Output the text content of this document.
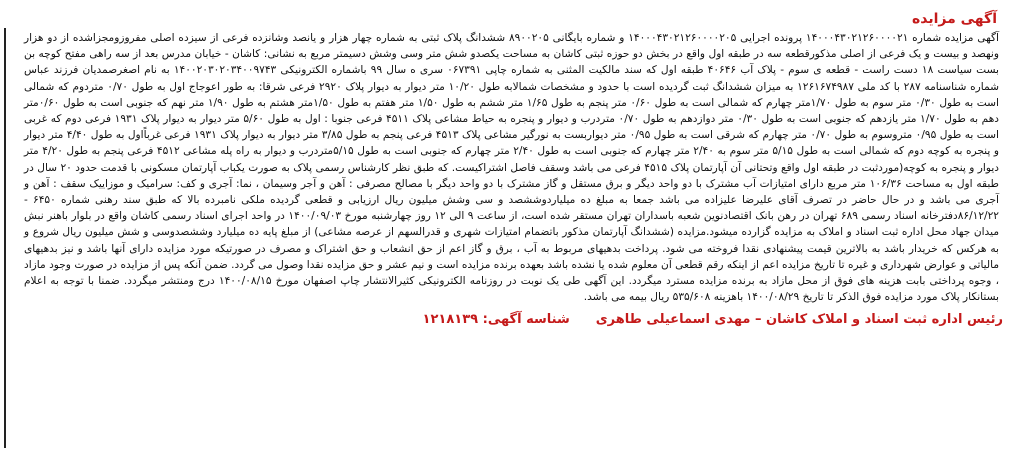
آگهی مزایده
آگهی مزایده شماره ۱۴۰۰۰۴۳۰۲۱۲۶۰۰۰۰۲۱ پرونده اجرایی ۱۴۰۰۰۴۳۰۲۱۲۶۰۰۰۰۲۰۵ و شماره بایگانی ۸۹۰۰۲۰۵ ششدانگ پلاک ثبتی به شماره چهار هزار و یانصد وشانزده فرعی از سیزده اصلی مفروزومجزاشده از دو هزار ونهصد و بیست و یک فرعی از اصلی مذکورقطعه سه در طبقه اول واقع در بخش دو حوزه ثبتی کاشان به مساحت یکصدو شش متر وسی وشش دسیمتر مربع به نشانی: کاشان - خیابان مدرس بعد از سه راهی مفتح کوچه بن بست سیاست ۱۸ دست راست - قطعه ی سوم - پلاک آب ۴۰۶۴۶ طبقه اول که سند مالکیت المثنی به شماره چاپی ۰۶۷۳۹۱ سری ه سال ۹۹ باشماره الکترونیکی ۱۴۰۰۲۰۳۰۲۰۳۴۰۰۹۷۴۳ به نام اصغرصمدیان فرزند عباس شماره شناسنامه ۲۸۷ با کد ملی ۱۲۶۱۶۷۴۹۸۷ به میزان ششدانگ ثبت گردیده است با حدود و مشخصات شمالابه طول ۱۰/۲۰ متر دیوار به دیوار پلاک ۲۹۲۰ فرعی شرقا: به طور اعوجاج اول به طول ۰/۷۰ متردوم که شمالی است به طول ۰/۳۰ متر سوم به طول ۱/۷۰متر چهارم که شمالی است به طول ۰/۶۰ متر پنجم به طول ۱/۶۵ متر ششم به طول ۱/۵۰ متر هفتم به طول ۱/۵۰متر هشتم به طول ۱/۹۰ متر نهم که جنوبی است به طول ۰/۶۰متر دهم به طول ۱/۷۰ متر یازدهم که جنوبی است به طول ۰/۳۰ متر دوازدهم به طول ۰/۷۰ متردرب و دیوار و پنجره به حیاط مشاعی پلاک ۴۵۱۱ فرعی جنوبا : اول به طول ۵/۶۰ متر دیوار به دیوار پلاک ۱۹۳۱ فرعی دوم که غربی است به طول ۰/۹۵ متروسوم به طول ۰/۷۰ متر چهارم که شرقی است به طول ۰/۹۵ متر دیواربست به نورگیر مشاعی پلاک ۴۵۱۳ فرعی پنجم به طول ۳/۸۵ متر دیوار به دیوار پلاک ۱۹۳۱ فرعی غرباًاول به طول ۴/۴۰ متر دیوار و پنجره به کوچه دوم که شمالی است به طول ۵/۱۵ متر سوم به ۲/۴۰ متر چهارم که جنوبی است به طول ۲/۴۰ متر چهارم که جنوبی است به طول ۵/۱۵متردرب و دیوار به راه پله مشاعی ۴۵۱۲ فرعی پنجم به طول ۴/۲۰ متر دیوار و پنجره به کوچه(موردثبت در طبقه اول واقع وتحتانی آن آپارتمان پلاک ۴۵۱۵ فرعی می باشد وسقف فاصل اشتراکیست. که طبق نظر کارشناس رسمی پلاک به صورت یکباب آپارتمان مسکونی با قدمت حدود ۲۰ سال در طبقه اول به مساحت ۱۰۶/۳۶ متر مربع دارای امتیازات آب مشترک با دو واحد دیگر و برق مستقل و گاز مشترک با دو واحد دیگر با مصالح مصرفی : آهن و آجر وسیمان ، نما: آجری و کف: سرامیک و موزاییک سقف : آهن و آجری می باشد و در حال حاضر در تصرف آقای علیرضا علیزاده می باشد جمعا به مبلغ ده میلیاردوششصد و سی وشش میلیون ریال ارزیابی و قطعی گردیده ملکی نامبرده بالا که طبق سند رهنی شماره ۶۴۵۰ - ۸۶/۱۲/۲۲دفترخانه اسناد رسمی ۶۸۹ تهران در رهن بانک اقتصادنوین شعبه باسداران تهران مستقر شده است، از ساعت ۹ الی ۱۲ روز چهارشنبه مورخ ۱۴۰۰/۰۹/۰۳ در واحد اجرای اسناد رسمی کاشان واقع در بلوار باهنر نبش میدان جهاد محل اداره ثبت اسناد و املاک به مزایده گزارده میشود.مزایده (ششدانگ آپارتمان مذکور باتضمام امتیازات شهری و قدرالسهم از عرصه مشاعی) از مبلغ پایه ده میلیارد وششصدوسی و شش میلیون ریال شروع و به هرکس که خریدار باشد به بالاترین قیمت پیشنهادی نقدا فروخته می شود. پرداخت بدهیهای مربوط به آب ، برق و گاز اعم از حق انشعاب و حق اشتراک و مصرف در صورتیکه مورد مزایده دارای آنها باشد و نیز بدهیهای مالیاتی و عوارض شهرداری و غیره تا تاریخ مزایده اعم از اینکه رقم قطعی آن معلوم شده یا نشده باشد بعهده برنده مزایده است و نیم عشر و حق مزایده نقدا وصول می گردد. ضمن آنکه پس از مزایده در صورت وجود مازاد ، وجوه پرداختی بابت هزینه های فوق از محل مازاد به برنده مزایده مسترد میگردد. این آگهی طی یک نوبت در روزنامه الکترونیکی کثیرالانتشار چاپ اصفهان مورخ ۱۴۰۰/۰۸/۱۵ درج ومنتشر میگردد. ضمنا با توجه به اعلام بستانکار پلاک مورد مزایده فوق الذکر تا تاریخ ۱۴۰۰/۰۸/۲۹ باهزینه ۵۳۵/۶۰۸ ریال بیمه می باشد.
رئیس اداره ثبت اسناد و املاک کاشان – مهدی اسماعیلی طاهری
شناسه آگهی: ۱۲۱۸۱۳۹
